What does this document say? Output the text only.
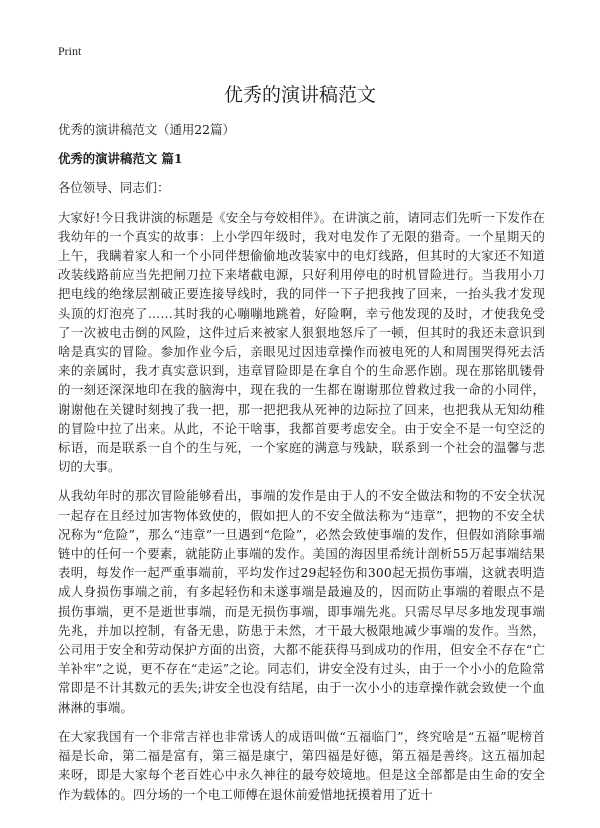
Print
优秀的演讲稿范文

优秀的演讲稿范文（通用22篇）

优秀的演讲稿范文 篇1

各位领导、同志们：

大家好!今日我讲演的标题是《安全与夸姣相伴》。在讲演之前，请同志们先听一下发作在我幼年的一个真实的故事：上小学四年级时，我对电发作了无限的猎奇。一个星期天的上午，我瞒着家人和一个小同伴想偷偷地改装家中的电灯线路，但其时的大家还不知道改装线路前应当先把闸刀拉下来堵截电源，只好利用停电的时机冒险进行。当我用小刀把电线的绝缘层割破正要连接导线时，我的同伴一下子把我拽了回来，一抬头我才发现头顶的灯泡亮了……其时我的心嘣嘣地跳着，好险啊，幸亏他发现的及时，才使我免受了一次被电击倒的风险，这件过后来被家人狠狠地怒斥了一顿，但其时的我还未意识到啥是真实的冒险。参加作业今后，亲眼见过因违章操作而被电死的人和周围哭得死去活来的亲属时，我才真实意识到，违章冒险即是在拿自个的生命恶作剧。现在那铭肌镂骨的一刻还深深地印在我的脑海中，现在我的一生都在谢谢那位曾救过我一命的小同伴，谢谢他在关键时刻拽了我一把，那一把把我从死神的边际拉了回来，也把我从无知幼稚的冒险中拉了出来。从此，不论干啥事，我都首要考虑安全。由于安全不是一句空泛的标语，而是联系一自个的生与死，一个家庭的满意与残缺，联系到一个社会的温馨与悲切的大事。

从我幼年时的那次冒险能够看出，事端的发作是由于人的不安全做法和物的不安全状况一起存在且经过加害物体致使的，假如把人的不安全做法称为“违章”，把物的不安全状况称为“危险”，那么“违章”一旦遇到“危险”，必然会致使事端的发作，但假如消除事端链中的任何一个要素，就能防止事端的发作。美国的海因里希统计剖析55万起事端结果表明，每发作一起严重事端前，平均发作过29起轻伤和300起无损伤事端，这就表明造成人身损伤事端之前，有多起轻伤和未遂事端是最遍及的，因而防止事端的着眼点不是损伤事端，更不是逝世事端，而是无损伤事端，即事端先兆。只需尽早尽多地发现事端先兆，并加以控制，有备无患，防患于未然，才干最大极限地减少事端的发作。当然，公司用于安全和劳动保护方面的出资，大都不能获得马到成功的作用，但安全不存在“亡羊补牢”之说，更不存在“走运”之论。同志们，讲安全没有过头，由于一个小小的危险常常即是不计其数元的丢失;讲安全也没有结尾，由于一次小小的违章操作就会致使一个血淋淋的事端。

在大家我国有一个非常吉祥也非常诱人的成语叫做“五福临门”，终究啥是“五福”呢榜首福是长命，第二福是富有，第三福是康宁，第四福是好德，第五福是善终。这五福加起来呀，即是大家每个老百姓心中永久神往的最夸姣境地。但是这全部都是由生命的安全作为载体的。四分场的一个电工师傅在退休前爱惜地抚摸着用了近十
